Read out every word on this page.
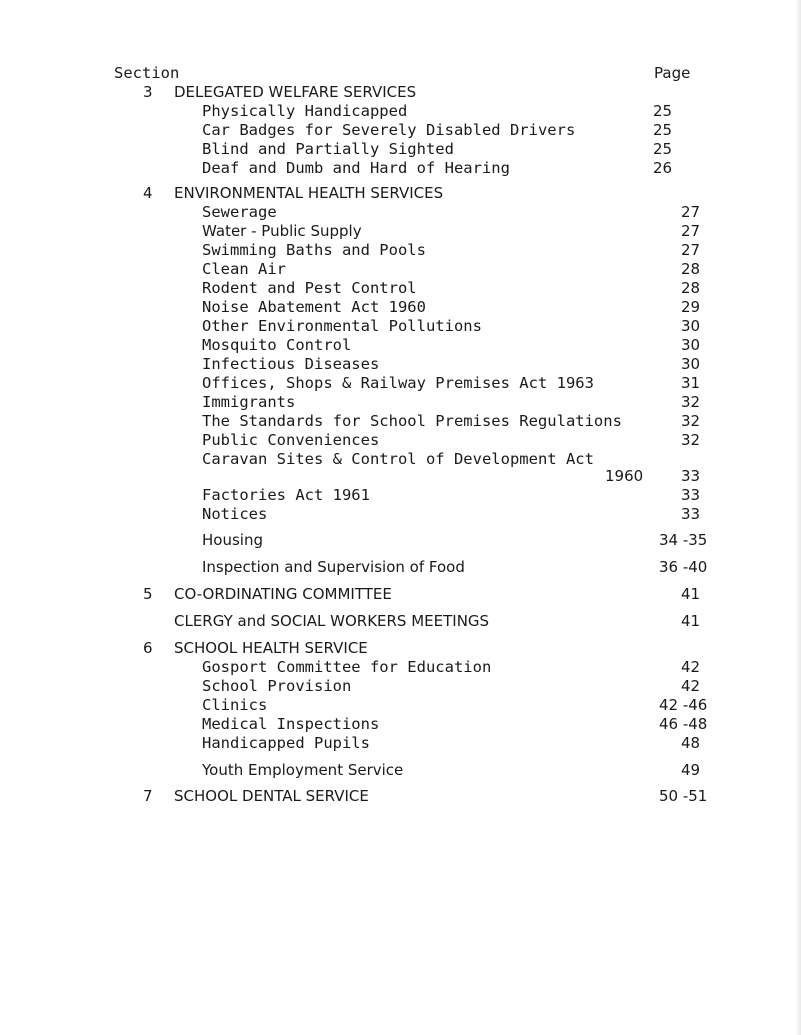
Section	Page
3 DELEGATED WELFARE SERVICES
Physically Handicapped	25
Car Badges for Severely Disabled Drivers	25
Blind and Partially Sighted	25
Deaf and Dumb and Hard of Hearing	26
4 ENVIRONMENTAL HEALTH SERVICES
Sewerage	27
Water - Public Supply	27
Swimming Baths and Pools	27
Clean Air	28
Rodent and Pest Control	28
Noise Abatement Act 1960	29
Other Environmental Pollutions	30
Mosquito Control	30
Infectious Diseases	30
Offices, Shops & Railway Premises Act 1963	31
Immigrants	32
The Standards for School Premises Regulations	32
Public Conveniences	32
Caravan Sites & Control of Development Act
1960	33
Factories Act 1961	33
Notices	33
Housing	34 -35
Inspection and Supervision of Food	36 -40
5 CO-ORDINATING COMMITTEE	41
CLERGY and SOCIAL WORKERS MEETINGS	41
6 SCHOOL HEALTH SERVICE
Gosport Committee for Education	42
School Provision	42
Clinics	42 -46
Medical Inspections	46 -48
Handicapped Pupils	48
Youth Employment Service	49
7 SCHOOL DENTAL SERVICE	50 -51
